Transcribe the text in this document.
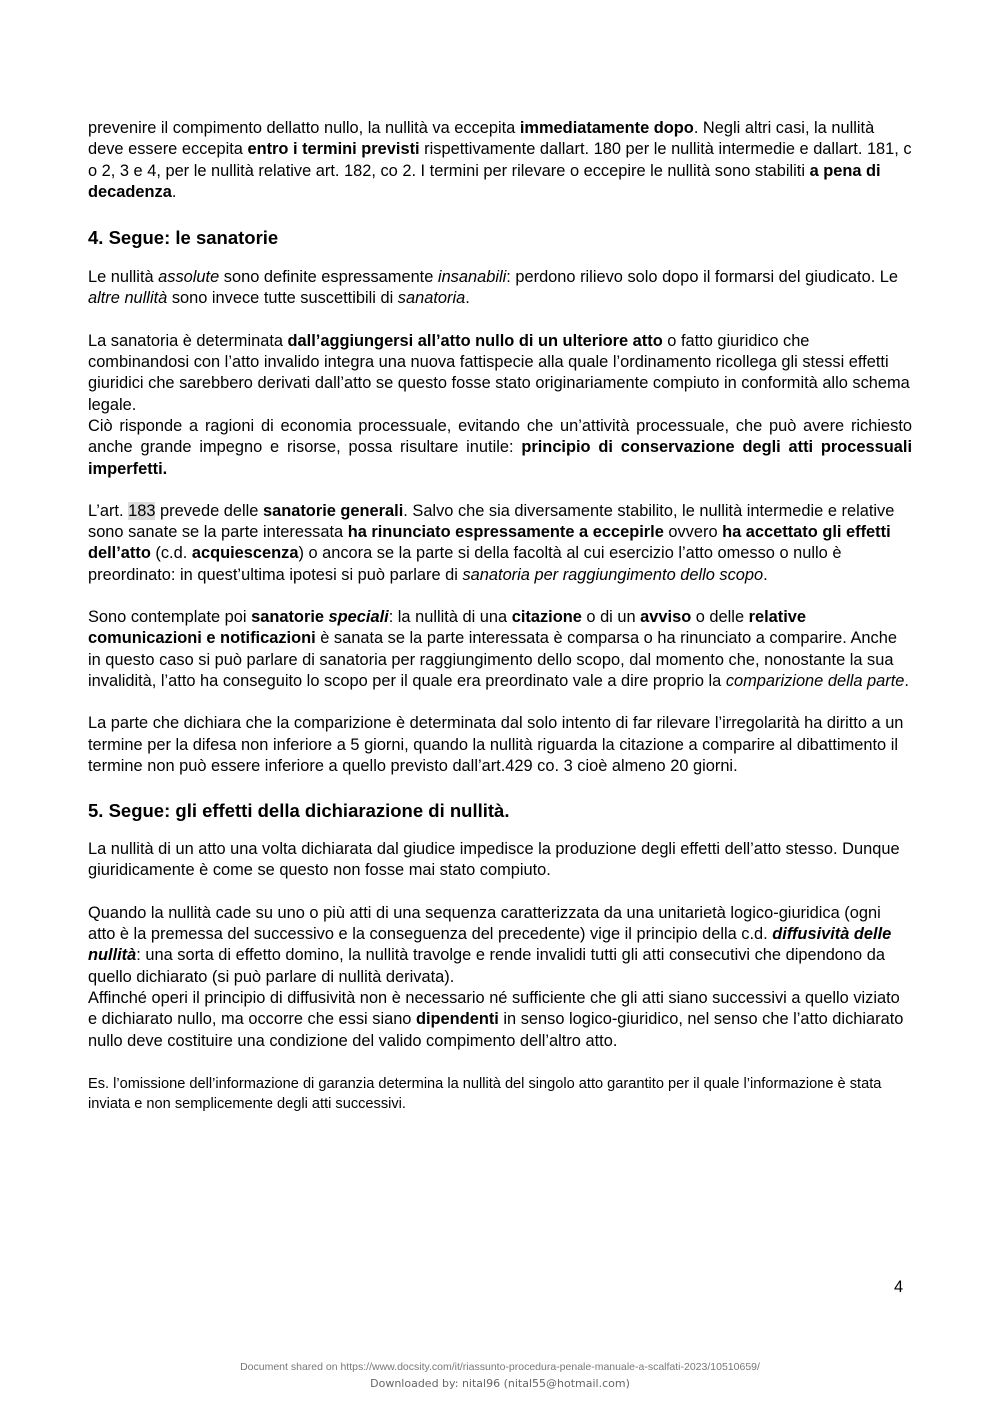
prevenire il compimento dellatto nullo, la nullità va eccepita immediatamente dopo. Negli altri casi, la nullità deve essere eccepita entro i termini previsti rispettivamente dallart. 180 per le nullità intermedie e dallart. 181, c o 2, 3 e 4, per le nullità relative art. 182, co 2. I termini per rilevare o eccepire le nullità sono stabiliti a pena di decadenza.

4. Segue: le sanatorie

Le nullità assolute sono definite espressamente insanabili: perdono rilievo solo dopo il formarsi del giudicato. Le altre nullità sono invece tutte suscettibili di sanatoria.

La sanatoria è determinata dall’aggiungersi all’atto nullo di un ulteriore atto o fatto giuridico che combinandosi con l’atto invalido integra una nuova fattispecie alla quale l’ordinamento ricollega gli stessi effetti giuridici che sarebbero derivati dall’atto se questo fosse stato originariamente compiuto in conformità allo schema legale.

Ciò risponde a ragioni di economia processuale, evitando che un’attività processuale, che può avere richiesto anche grande impegno e risorse, possa risultare inutile: principio di conservazione degli atti processuali imperfetti.

L’art. 183 prevede delle sanatorie generali. Salvo che sia diversamente stabilito, le nullità intermedie e relative sono sanate se la parte interessata ha rinunciato espressamente a eccepirle ovvero ha accettato gli effetti dell’atto (c.d. acquiescenza) o ancora se la parte si della facoltà al cui esercizio l’atto omesso o nullo è preordinato: in quest’ultima ipotesi si può parlare di sanatoria per raggiungimento dello scopo.

Sono contemplate poi sanatorie speciali: la nullità di una citazione o di un avviso o delle relative comunicazioni e notificazioni è sanata se la parte interessata è comparsa o ha rinunciato a comparire. Anche in questo caso si può parlare di sanatoria per raggiungimento dello scopo, dal momento che, nonostante la sua invalidità, l’atto ha conseguito lo scopo per il quale era preordinato vale a dire proprio la comparizione della parte.

La parte che dichiara che la comparizione è determinata dal solo intento di far rilevare l’irregolarità ha diritto a un termine per la difesa non inferiore a 5 giorni, quando la nullità riguarda la citazione a comparire al dibattimento il termine non può essere inferiore a quello previsto dall’art.429 co. 3 cioè almeno 20 giorni.

5. Segue: gli effetti della dichiarazione di nullità.

La nullità di un atto una volta dichiarata dal giudice impedisce la produzione degli effetti dell’atto stesso. Dunque giuridicamente è come se questo non fosse mai stato compiuto.

Quando la nullità cade su uno o più atti di una sequenza caratterizzata da una unitarietà logico-giuridica (ogni atto è la premessa del successivo e la conseguenza del precedente) vige il principio della c.d. diffusività delle nullità: una sorta di effetto domino, la nullità travolge e rende invalidi tutti gli atti consecutivi che dipendono da quello dichiarato (si può parlare di nullità derivata).

Affinché operi il principio di diffusività non è necessario né sufficiente che gli atti siano successivi a quello viziato e dichiarato nullo, ma occorre che essi siano dipendenti in senso logico-giuridico, nel senso che l’atto dichiarato nullo deve costituire una condizione del valido compimento dell’altro atto.

Es. l’omissione dell’informazione di garanzia determina la nullità del singolo atto garantito per il quale l’informazione è stata inviata e non semplicemente degli atti successivi.

4
Document shared on https://www.docsity.com/it/riassunto-procedura-penale-manuale-a-scalfati-2023/10510659/
Downloaded by: nital96 (nital55@hotmail.com)
